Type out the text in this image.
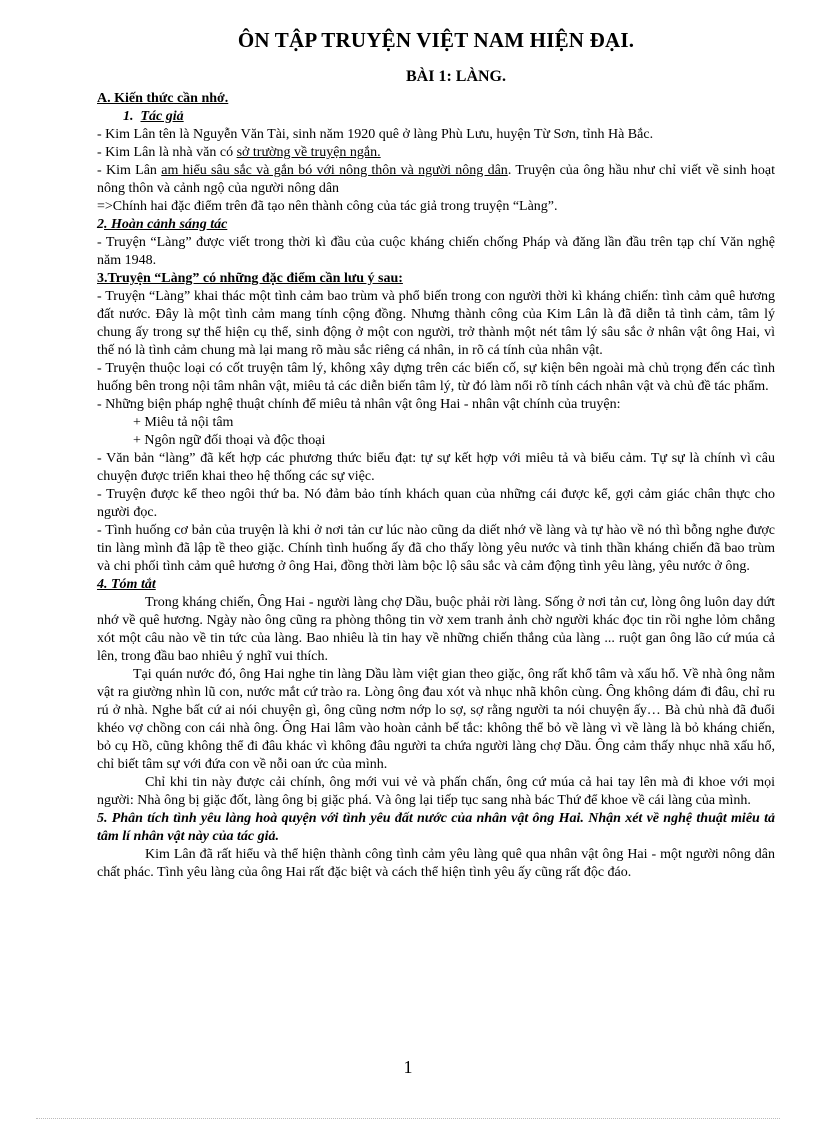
ÔN TẬP TRUYỆN VIỆT NAM HIỆN ĐẠI.
BÀI 1: LÀNG.

A. Kiến thức cần nhớ.

1. Tác giả

- Kim Lân tên là Nguyễn Văn Tài, sinh năm 1920 quê ở làng Phù Lưu, huyện Từ Sơn, tỉnh Hà Bắc.

- Kim Lân là nhà văn có sở trường về truyện ngắn.

- Kim Lân am hiểu sâu sắc và gắn bó với nông thôn và người nông dân. Truyện của ông hầu như chỉ viết về sinh hoạt nông thôn và cảnh ngộ của người nông dân

=>Chính hai đặc điểm trên đã tạo nên thành công của tác giả trong truyện “Làng”.

2. Hoàn cảnh sáng tác

- Truyện “Làng” được viết trong thời kì đầu của cuộc kháng chiến chống Pháp và đăng lần đầu trên tạp chí Văn nghệ năm 1948.

3.Truyện “Làng” có những đặc điểm cần lưu ý sau:

- Truyện “Làng” khai thác một tình cảm bao trùm và phổ biến trong con người thời kì kháng chiến: tình cảm quê hương đất nước. Đây là một tình cảm mang tính cộng đồng. Nhưng thành công của Kim Lân là đã diễn tả tình cảm, tâm lý chung ấy trong sự thể hiện cụ thể, sinh động ở một con người, trở thành một nét tâm lý sâu sắc ở nhân vật ông Hai, vì thế nó là tình cảm chung mà lại mang rõ màu sắc riêng cá nhân, in rõ cá tính của nhân vật.

- Truyện thuộc loại có cốt truyện tâm lý, không xây dựng trên các biến cố, sự kiện bên ngoài mà chủ trọng đến các tình huống bên trong nội tâm nhân vật, miêu tả các diễn biến tâm lý, từ đó làm nổi rõ tính cách nhân vật và chủ đề tác phẩm.

- Những biện pháp nghệ thuật chính để miêu tả nhân vật ông Hai - nhân vật chính của truyện:

+ Miêu tả nội tâm

+ Ngôn ngữ đối thoại và độc thoại

- Văn bản “làng” đã kết hợp các phương thức biểu đạt: tự sự kết hợp với miêu tả và biểu cảm. Tự sự là chính vì câu chuyện được triển khai theo hệ thống các sự việc.

- Truyện được kể theo ngôi thứ ba. Nó đảm bảo tính khách quan của những cái được kể, gợi cảm giác chân thực cho người đọc.

- Tình huống cơ bản của truyện là khi ở nơi tản cư lúc nào cũng da diết nhớ về làng và tự hào về nó thì bỗng nghe được tin làng mình đã lập tề theo giặc. Chính tình huống ấy đã cho thấy lòng yêu nước và tinh thần kháng chiến đã bao trùm và chi phối tình cảm quê hương ở ông Hai, đồng thời làm bộc lộ sâu sắc và cảm động tình yêu làng, yêu nước ở ông.

4. Tóm tắt

Trong kháng chiến, Ông Hai - người làng chợ Dầu, buộc phải rời làng. Sống ở nơi tản cư, lòng ông luôn day dứt nhớ về quê hương. Ngày nào ông cũng ra phòng thông tin vờ xem tranh ảnh chờ người khác đọc tin rồi nghe lỏm chẳng xót một câu nào về tin tức của làng. Bao nhiêu là tin hay về những chiến thắng của làng ... ruột gan ông lão cứ múa cả lên, trong đầu bao nhiêu ý nghĩ vui thích.

Tại quán nước đó, ông Hai nghe tin làng Dầu làm việt gian theo giặc, ông rất khổ tâm và xấu hổ. Về nhà ông nằm vật ra giường nhìn lũ con, nước mắt cứ trào ra. Lòng ông đau xót và nhục nhã khôn cùng. Ông không dám đi đâu, chỉ ru rú ở nhà. Nghe bất cứ ai nói chuyện gì, ông cũng nơm nớp lo sợ, sợ rằng người ta nói chuyện ấy… Bà chủ nhà đã đuổi khéo vợ chồng con cái nhà ông. Ông Hai lâm vào hoàn cảnh bế tắc: không thể bỏ về làng vì về làng là bỏ kháng chiến, bỏ cụ Hồ, cũng không thể đi đâu khác vì không đâu người ta chứa người làng chợ Dầu. Ông cảm thấy nhục nhã xấu hổ, chỉ biết tâm sự với đứa con về nỗi oan ức của mình.

Chỉ khi tin này được cải chính, ông mới vui vẻ và phấn chấn, ông cứ múa cả hai tay lên mà đi khoe với mọi người: Nhà ông bị giặc đốt, làng ông bị giặc phá. Và ông lại tiếp tục sang nhà bác Thứ để khoe về cái làng của mình.

5. Phân tích tình yêu làng hoà quyện với tình yêu đất nước của nhân vật ông Hai. Nhận xét về nghệ thuật miêu tả tâm lí nhân vật này của tác giả.

Kim Lân đã rất hiểu và thể hiện thành công tình cảm yêu làng quê qua nhân vật ông Hai - một người nông dân chất phác. Tình yêu làng của ông Hai rất đặc biệt và cách thể hiện tình yêu ấy cũng rất độc đáo.

1
